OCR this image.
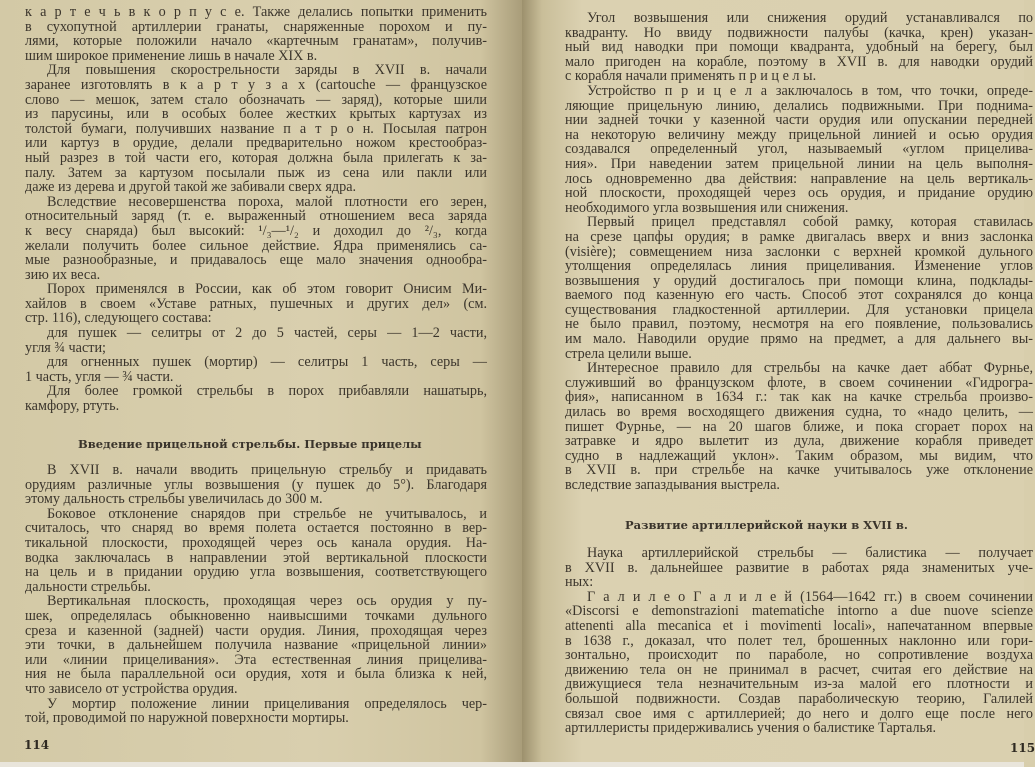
к а р т е ч ь в к о р п у с е. Также делались попытки применить
в сухопутной артиллерии гранаты, снаряженные порохом и пу-
лями, которые положили начало «картечным гранатам», получив-
шим широкое применение лишь в начале XIX в.
Для повышения скорострельности заряды в XVII в. начали
заранее изготовлять в к а р т у з а х (cartouche — французское
слово — мешок, затем стало обозначать — заряд), которые шили
из парусины, или в особых более жестких крытых картузах из
толстой бумаги, получивших название п а т р о н. Посылая патрон
или картуз в орудие, делали предварительно ножом крестообраз-
ный разрез в той части его, которая должна была прилегать к за-
палу. Затем за картузом посылали пыж из сена или пакли или
даже из дерева и другой такой же забивали сверх ядра.
Вследствие несовершенства пороха, малой плотности его зерен,
относительный заряд (т. е. выраженный отношением веса заряда
к весу снаряда) был высокий: ¹/₃—¹/₂ и доходил до ²/₃, когда
желали получить более сильное действие. Ядра применялись са-
мые разнообразные, и придавалось еще мало значения однообра-
зию их веса.
Порох применялся в России, как об этом говорит Онисим Ми-
хайлов в своем «Уставе ратных, пушечных и других дел» (см.
стр. 116), следующего состава:
для пушек — селитры от 2 до 5 частей, серы — 1—2 части,
угля ¾ части;
для огненных пушек (мортир) — селитры 1 часть, серы —
1 часть, угля — ¾ части.
Для более громкой стрельбы в порох прибавляли нашатырь,
камфору, ртуть.
Введение прицельной стрельбы. Первые прицелы
В XVII в. начали вводить прицельную стрельбу и придавать
орудиям различные углы возвышения (у пушек до 5°). Благодаря
этому дальность стрельбы увеличилась до 300 м.
Боковое отклонение снарядов при стрельбе не учитывалось, и
считалось, что снаряд во время полета остается постоянно в вер-
тикальной плоскости, проходящей через ось канала орудия. На-
водка заключалась в направлении этой вертикальной плоскости
на цель и в придании орудию угла возвышения, соответствующего
дальности стрельбы.
Вертикальная плоскость, проходящая через ось орудия у пу-
шек, определялась обыкновенно наивысшими точками дульного
среза и казенной (задней) части орудия. Линия, проходящая через
эти точки, в дальнейшем получила название «прицельной линии»
или «линии прицеливания». Эта естественная линия прицелива-
ния не была параллельной оси орудия, хотя и была близка к ней,
что зависело от устройства орудия.
У мортир положение линии прицеливания определялось чер-
той, проводимой по наружной поверхности мортиры.
114
Угол возвышения или снижения орудий устанавливался по
квадранту. Но ввиду подвижности палубы (качка, крен) указан-
ный вид наводки при помощи квадранта, удобный на берегу, был
мало пригоден на корабле, поэтому в XVII в. для наводки орудий
с корабля начали применять п р и ц е л ы.
Устройство п р и ц е л а заключалось в том, что точки, опреде-
ляющие прицельную линию, делались подвижными. При поднима-
нии задней точки у казенной части орудия или опускании передней
на некоторую величину между прицельной линией и осью орудия
создавался определенный угол, называемый «углом прицелива-
ния». При наведении затем прицельной линии на цель выполня-
лось одновременно два действия: направление на цель вертикаль-
ной плоскости, проходящей через ось орудия, и придание орудию
необходимого угла возвышения или снижения.
Первый прицел представлял собой рамку, которая ставилась
на срезе цапфы орудия; в рамке двигалась вверх и вниз заслонка
(visière); совмещением низа заслонки с верхней кромкой дульного
утолщения определялась линия прицеливания. Изменение углов
возвышения у орудий достигалось при помощи клина, подклады-
ваемого под казенную его часть. Способ этот сохранялся до конца
существования гладкостенной артиллерии. Для установки прицела
не было правил, поэтому, несмотря на его появление, пользовались
им мало. Наводили орудие прямо на предмет, а для дальнего вы-
стрела целили выше.
Интересное правило для стрельбы на качке дает аббат Фурнье,
служивший во французском флоте, в своем сочинении «Гидрогра-
фия», написанном в 1634 г.: так как на качке стрельба произво-
дилась во время восходящего движения судна, то «надо целить, —
пишет Фурнье, — на 20 шагов ближе, и пока сгорает порох на
затравке и ядро вылетит из дула, движение корабля приведет
судно в надлежащий уклон». Таким образом, мы видим, что
в XVII в. при стрельбе на качке учитывалось уже отклонение
вследствие запаздывания выстрела.
Развитие артиллерийской науки в XVII в.
Наука артиллерийской стрельбы — балистика — получает
в XVII в. дальнейшее развитие в работах ряда знаменитых уче-
ных:
Г а л и л е о Г а л и л е й (1564—1642 гг.) в своем сочинении
«Discorsi e demonstrazioni matematiche intorno a due nuove scienze
attenenti alla mecanica et i movimenti locali», напечатанном впервые
в 1638 г., доказал, что полет тел, брошенных наклонно или гори-
зонтально, происходит по параболе, но сопротивление воздуха
движению тела он не принимал в расчет, считая его действие на
движущиеся тела незначительным из-за малой его плотности и
большой подвижности. Создав параболическую теорию, Галилей
связал свое имя с артиллерией; до него и долго еще после него
артиллеристы придерживались учения о балистике Тарталья.
115
